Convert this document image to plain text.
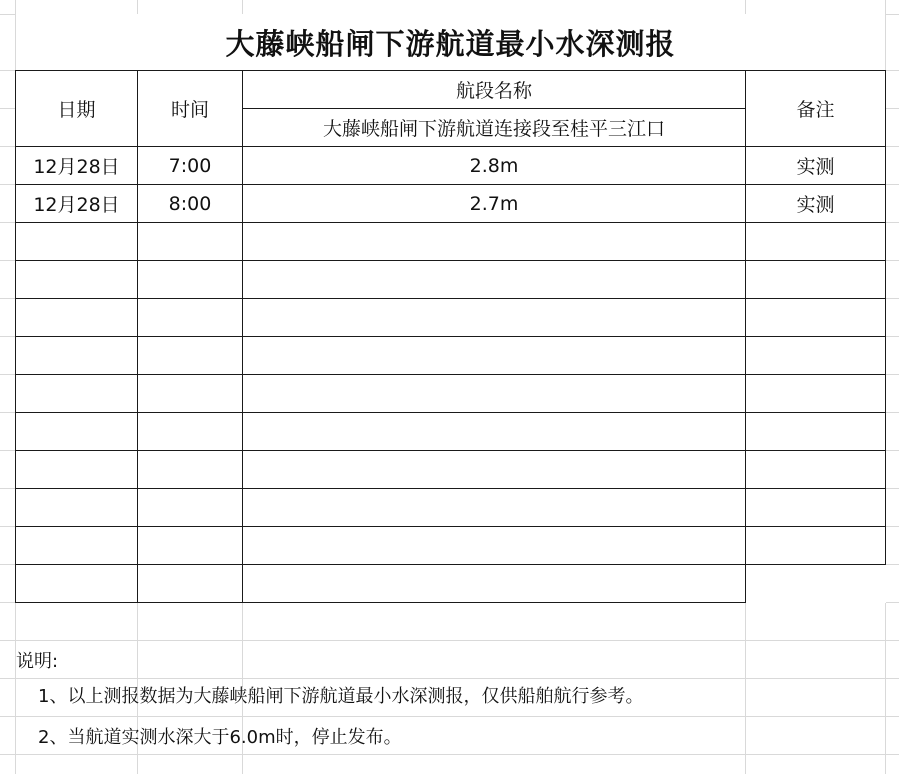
大藤峡船闸下游航道最小水深测报
日期	时间	航段名称	备注
		大藤峡船闸下游航道连接段至桂平三江口	
12月28日	7:00	2.8m	实测
12月28日	8:00	2.7m	实测

说明:
1、以上测报数据为大藤峡船闸下游航道最小水深测报，仅供船舶航行参考。
2、当航道实测水深大于6.0m时，停止发布。
